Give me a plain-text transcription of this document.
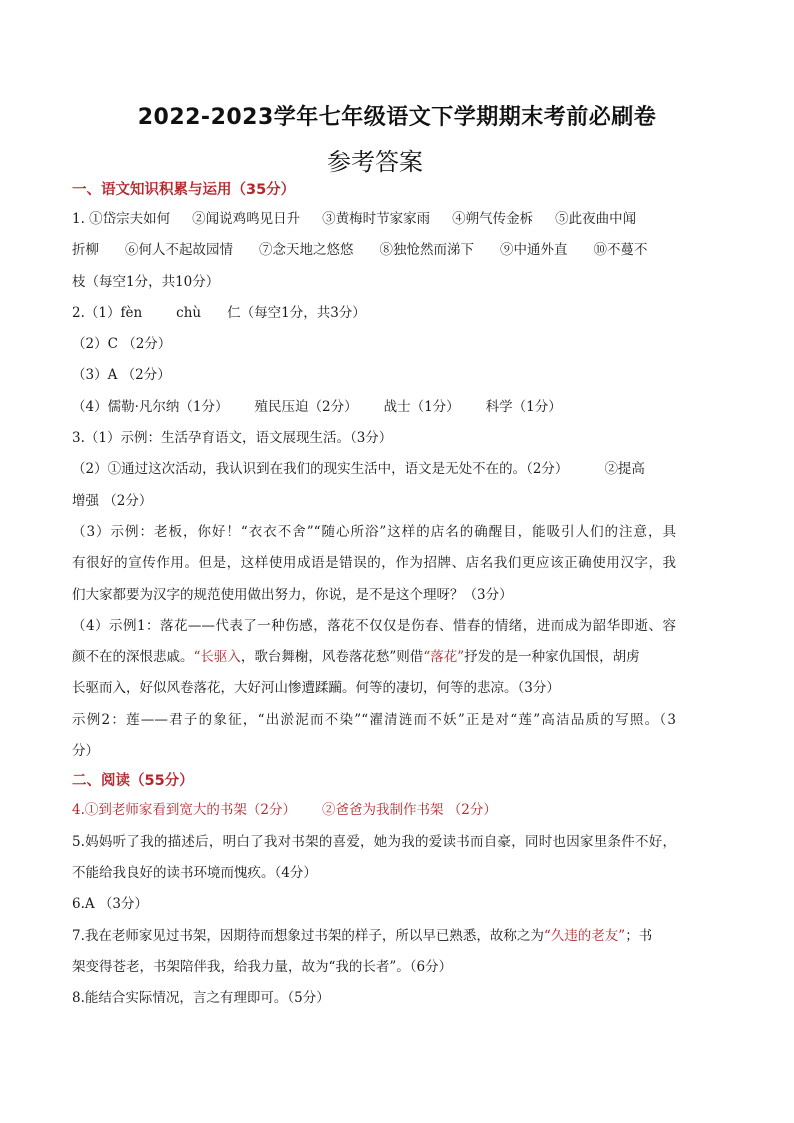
2022-2023学年七年级语文下学期期末考前必刷卷
参考答案
一、语文知识积累与运用（35分）
1. ①岱宗夫如何 ②闻说鸡鸣见日升 ③黄梅时节家家雨 ④朔气传金柝 ⑤此夜曲中闻
折柳 ⑥何人不起故园情 ⑦念天地之悠悠 ⑧独怆然而涕下 ⑨中通外直 ⑩不蔓不
枝（每空1分，共10分）
2.（1）fèn	chù 仁（每空1分，共3分）
（2）C （2分）
（3）A （2分）
（4）儒勒·凡尔纳（1分） 殖民压迫（2分） 战士（1分） 科学（1分）
3.（1）示例：生活孕育语文，语文展现生活。（3分）
（2）①通过这次活动，我认识到在我们的现实生活中，语文是无处不在的。（2分）	②提高
增强 （2分）
（3）示例：老板，你好！“衣衣不舍”“随心所浴”这样的店名的确醒目，能吸引人们的注意，具
有很好的宣传作用。但是，这样使用成语是错误的，作为招牌、店名我们更应该正确使用汉字，我
们大家都要为汉字的规范使用做出努力，你说，是不是这个理呀？（3分）
（4）示例1：落花——代表了一种伤感，落花不仅仅是伤春、惜春的情绪，进而成为韶华即逝、容
颜不在的深恨悲戚。“长驱入，歌台舞榭，风卷落花愁”则借“落花”抒发的是一种家仇国恨，胡虏
长驱而入，好似风卷落花，大好河山惨遭蹂躏。何等的凄切，何等的悲凉。（3分）
示例2：莲——君子的象征，“出淤泥而不染”“濯清涟而不妖”正是对“莲”高洁品质的写照。（3
分）
二、阅读（55分）
4.①到老师家看到宽大的书架（2分） ②爸爸为我制作书架 （2分）
5.妈妈听了我的描述后，明白了我对书架的喜爱，她为我的爱读书而自豪，同时也因家里条件不好，
不能给我良好的读书环境而愧疚。（4分）
6.A （3分）
7.我在老师家见过书架，因期待而想象过书架的样子，所以早已熟悉，故称之为“久违的老友”；书
架变得苍老，书架陪伴我，给我力量，故为“我的长者”。（6分）
8.能结合实际情况，言之有理即可。（5分）
